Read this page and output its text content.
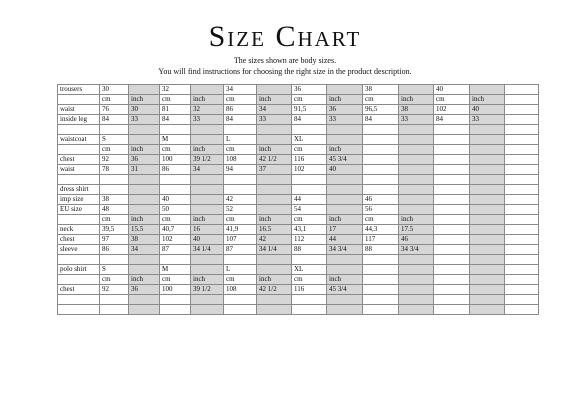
Size Chart
The sizes shown are body sizes.
You will find instructions for choosing the right size in the product description.
trousers	30		32		34		36		38		40		
	cm	inch	cm	inch	cm	inch	cm	inch	cm	inch	cm	inch	
waist	76	30	81	32	86	34	91,5	36	96,5	38	102	40	
inside leg	84	33	84	33	84	33	84	33	84	33	84	33	

waistcoat	S		M		L		XL						
	cm	inch	cm	inch	cm	inch	cm	inch					
chest	92	36	100	39 1/2	108	42 1/2	116	45 3/4					
waist	78	31	86	34	94	37	102	40					

dress shirt													
imp size	38		40		42		44		46				
EU size	48		50		52		54		56				
	cm	inch	cm	inch	cm	inch	cm	inch	cm	inch			
neck	39,5	15.5	40,7	16	41,9	16.5	43,1	17	44,3	17.5			
chest	97	38	102	40	107	42	112	44	117	46			
sleeve	86	34	87	34 1/4	87	34 1/4	88	34 3/4	88	34 3/4			

polo shirt	S		M		L		XL						
	cm	inch	cm	inch	cm	inch	cm	inch					
chest	92	36	100	39 1/2	108	42 1/2	116	45 3/4					
